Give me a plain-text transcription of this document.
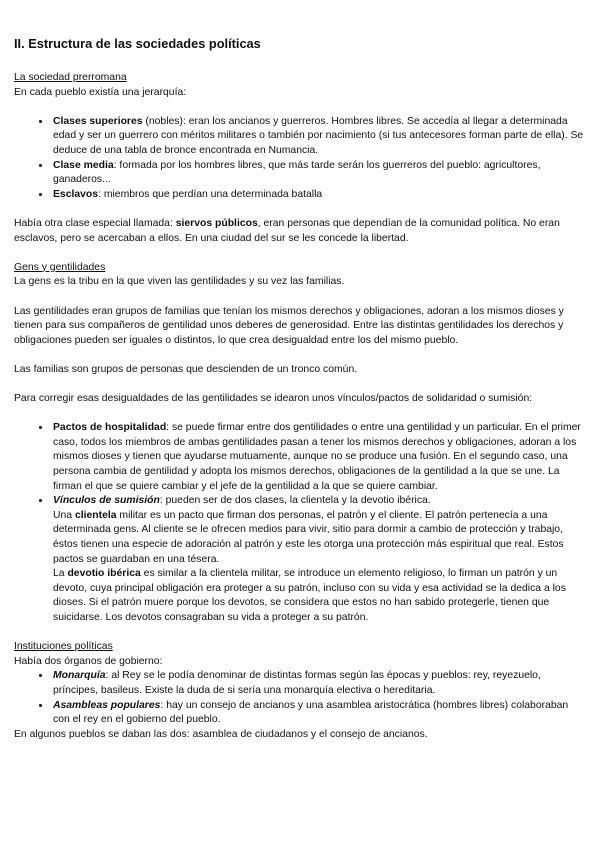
II. Estructura de las sociedades políticas

La sociedad prerromana

En cada pueblo existía una jerarquía:

• Clases superiores (nobles): eran los ancianos y guerreros. Hombres libres. Se accedía al llegar a determinada edad y ser un guerrero con méritos militares o también por nacimiento (si tus antecesores forman parte de ella). Se deduce de una tabla de bronce encontrada en Numancia.
• Clase media: formada por los hombres libres, que más tarde serán los guerreros del pueblo: agricultores, ganaderos...
• Esclavos: miembros que perdían una determinada batalla

Había otra clase especial llamada: siervos públicos, eran personas que dependían de la comunidad política. No eran esclavos, pero se acercaban a ellos. En una ciudad del sur se les concede la libertad.

Gens y gentilidades

La gens es la tribu en la que viven las gentilidades y su vez las familias.

Las gentilidades eran grupos de familias que tenían los mismos derechos y obligaciones, adoran a los mismos dioses y tienen para sus compañeros de gentilidad unos deberes de generosidad. Entre las distintas gentilidades los derechos y obligaciones pueden ser iguales o distintos, lo que crea desigualdad entre los del mismo pueblo.

Las familias son grupos de personas que descienden de un tronco común.

Para corregir esas desigualdades de las gentilidades se idearon unos vínculos/pactos de solidaridad o sumisión:

• Pactos de hospitalidad: se puede firmar entre dos gentilidades o entre una gentilidad y un particular. En el primer caso, todos los miembros de ambas gentilidades pasan a tener los mismos derechos y obligaciones, adoran a los mismos dioses y tienen que ayudarse mutuamente, aunque no se produce una fusión. En el segundo caso, una persona cambia de gentilidad y adopta los mismos derechos, obligaciones de la gentilidad a la que se une. La firman el que se quiere cambiar y el jefe de la gentilidad a la que se quiere cambiar.
• Vínculos de sumisión: pueden ser de dos clases, la clientela y la devotio ibérica.
Una clientela militar es un pacto que firman dos personas, el patrón y el cliente. El patrón pertenecía a una determinada gens. Al cliente se le ofrecen medios para vivir, sitio para dormir a cambio de protección y trabajo, éstos tienen una especie de adoración al patrón y este les otorga una protección más espiritual que real. Estos pactos se guardaban en una tésera.
La devotio ibérica es similar a la clientela militar, se introduce un elemento religioso, lo firman un patrón y un devoto, cuya principal obligación era proteger a su patrón, incluso con su vida y esa actividad se la dedica a los dioses. Si el patrón muere porque los devotos, se considera que estos no han sabido protegerle, tienen que suicidarse. Los devotos consagraban su vida a proteger a su patrón.

Instituciones políticas

Había dos órganos de gobierno:

• Monarquía: al Rey se le podía denominar de distintas formas según las épocas y pueblos: rey, reyezuelo, príncipes, basileus. Existe la duda de si sería una monarquía electiva o hereditaria.
• Asambleas populares: hay un consejo de ancianos y una asamblea aristocrática (hombres libres) colaboraban con el rey en el gobierno del pueblo.

En algunos pueblos se daban las dos: asamblea de ciudadanos y el consejo de ancianos.
